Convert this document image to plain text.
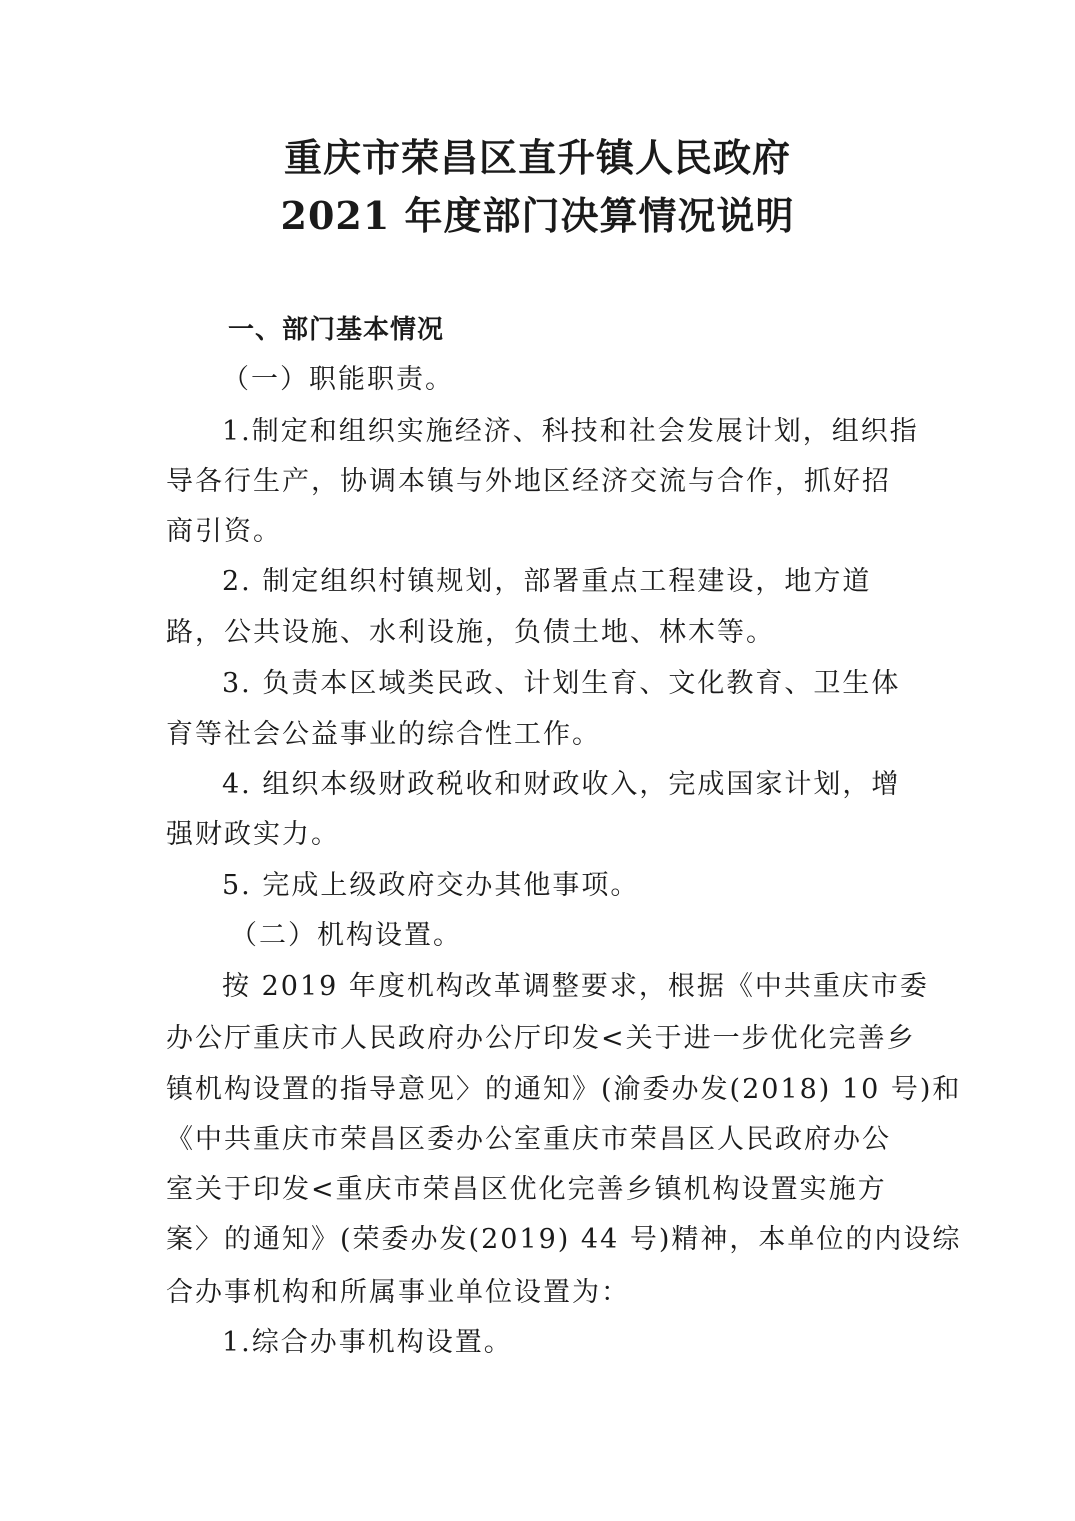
重庆市荣昌区直升镇人民政府
2021 年度部门决算情况说明
一、部门基本情况
（一）职能职责。
1.制定和组织实施经济、科技和社会发展计划，组织指
导各行生产，协调本镇与外地区经济交流与合作，抓好招
商引资。
2. 制定组织村镇规划，部署重点工程建设，地方道
路，公共设施、水利设施，负债土地、林木等。
3. 负责本区域类民政、计划生育、文化教育、卫生体
育等社会公益事业的综合性工作。
4. 组织本级财政税收和财政收入，完成国家计划，增
强财政实力。
5. 完成上级政府交办其他事项。
（二）机构设置。
按 2019 年度机构改革调整要求，根据《中共重庆市委
办公厅重庆市人民政府办公厅印发<关于进一步优化完善乡
镇机构设置的指导意见〉的通知》(渝委办发(2018) 10 号)和
《中共重庆市荣昌区委办公室重庆市荣昌区人民政府办公
室关于印发<重庆市荣昌区优化完善乡镇机构设置实施方
案〉的通知》(荣委办发(2019) 44 号)精神，本单位的内设综
合办事机构和所属事业单位设置为：
1.综合办事机构设置。
